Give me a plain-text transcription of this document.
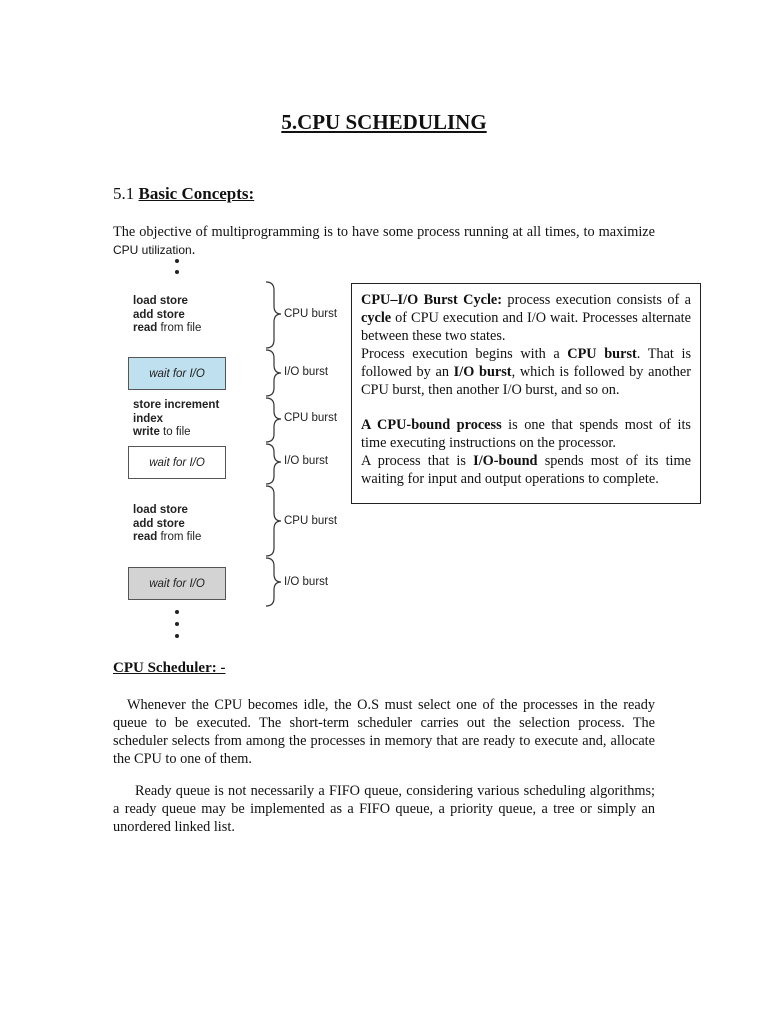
5.CPU SCHEDULING
5.1 Basic Concepts:
The objective of multiprogramming is to have some process running at all times, to maximize CPU utilization.
load store
add store
read from file
CPU burst
wait for I/O	I/O burst
store increment
index
write to file
CPU burst
wait for I/O	I/O burst
load store
add store
read from file
CPU burst
wait for I/O	I/O burst

CPU–I/O Burst Cycle: process execution consists of a cycle of CPU execution and I/O wait. Processes alternate between these two states.

Process execution begins with a CPU burst. That is followed by an I/O burst, which is followed by another CPU burst, then another I/O burst, and so on.

A CPU-bound process is one that spends most of its time executing instructions on the processor.

A process that is I/O-bound spends most of its time waiting for input and output operations to complete.

CPU Scheduler: -
Whenever the CPU becomes idle, the O.S must select one of the processes in the ready queue to be executed. The short-term scheduler carries out the selection process. The scheduler selects from among the processes in memory that are ready to execute and, allocate the CPU to one of them.
Ready queue is not necessarily a FIFO queue, considering various scheduling algorithms; a ready queue may be implemented as a FIFO queue, a priority queue, a tree or simply an unordered linked list.
